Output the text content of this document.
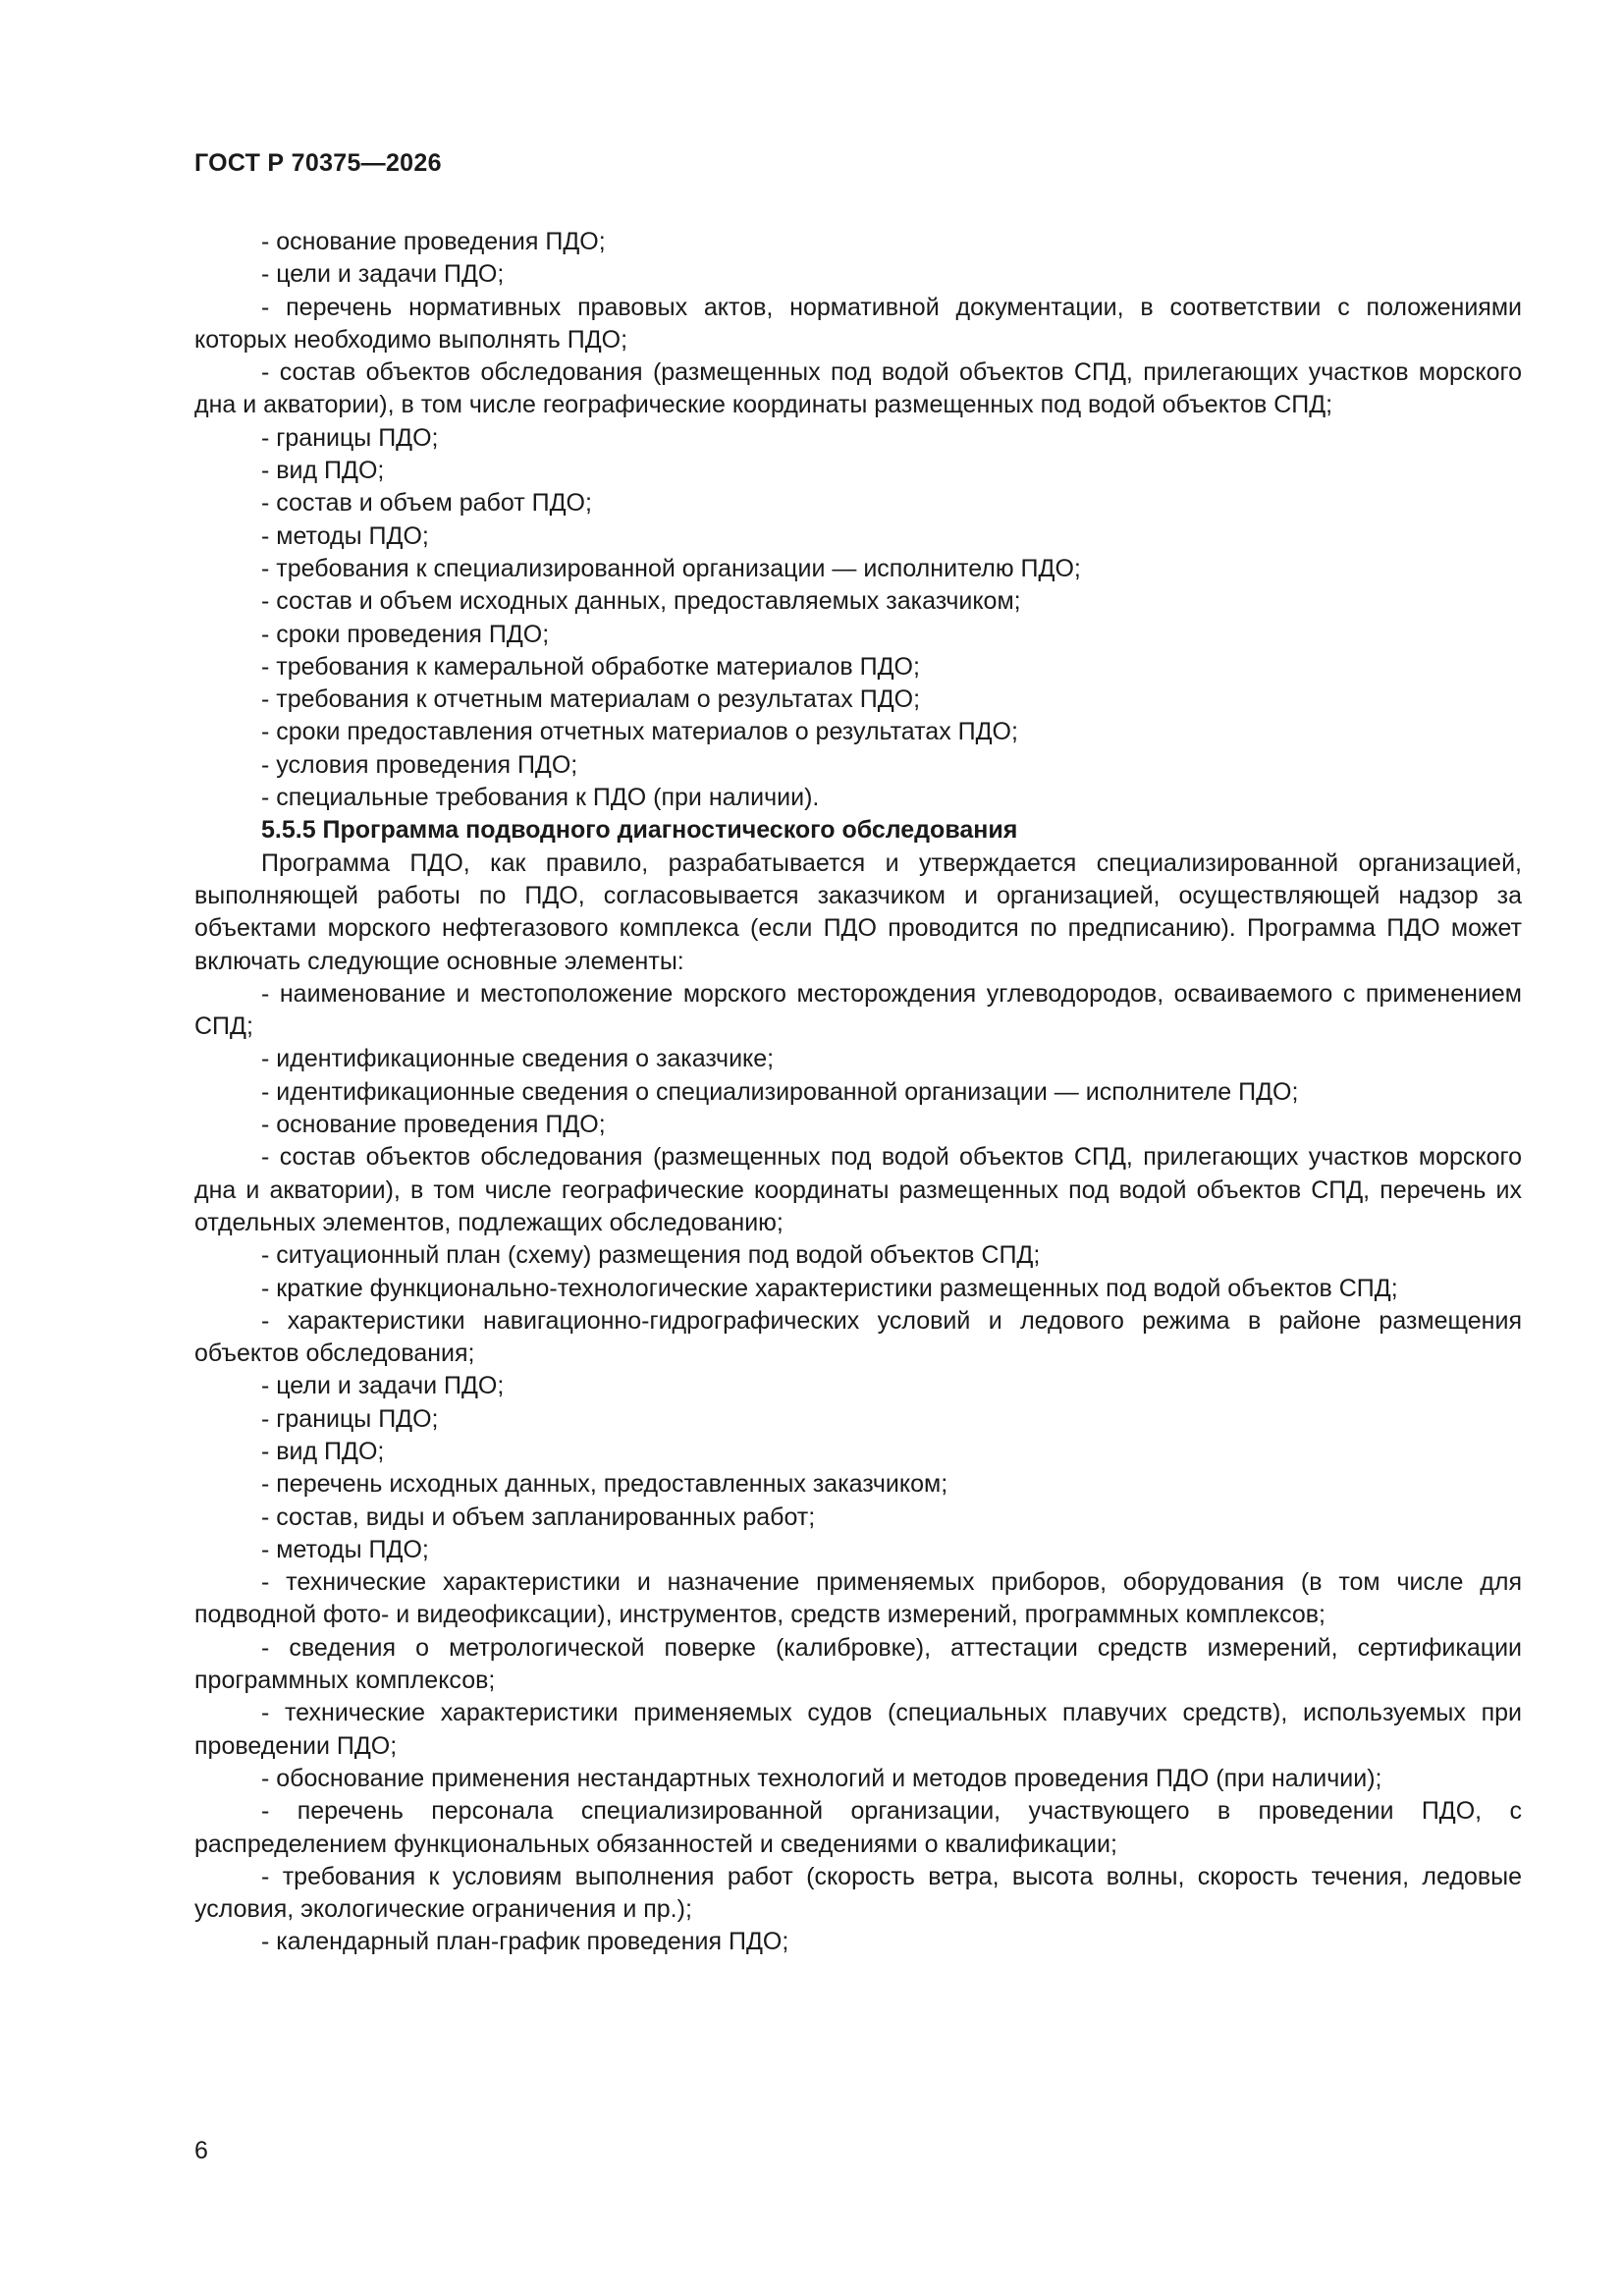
ГОСТ Р 70375—2026

- основание проведения ПДО;

- цели и задачи ПДО;

- перечень нормативных правовых актов, нормативной документации, в соответствии с положениями которых необходимо выполнять ПДО;

- состав объектов обследования (размещенных под водой объектов СПД, прилегающих участков морского дна и акватории), в том числе географические координаты размещенных под водой объектов СПД;

- границы ПДО;

- вид ПДО;

- состав и объем работ ПДО;

- методы ПДО;

- требования к специализированной организации — исполнителю ПДО;

- состав и объем исходных данных, предоставляемых заказчиком;

- сроки проведения ПДО;

- требования к камеральной обработке материалов ПДО;

- требования к отчетным материалам о результатах ПДО;

- сроки предоставления отчетных материалов о результатах ПДО;

- условия проведения ПДО;

- специальные требования к ПДО (при наличии).

5.5.5 Программа подводного диагностического обследования

Программа ПДО, как правило, разрабатывается и утверждается специализированной организацией, выполняющей работы по ПДО, согласовывается заказчиком и организацией, осуществляющей надзор за объектами морского нефтегазового комплекса (если ПДО проводится по предписанию). Программа ПДО может включать следующие основные элементы:

- наименование и местоположение морского месторождения углеводородов, осваиваемого с применением СПД;

- идентификационные сведения о заказчике;

- идентификационные сведения о специализированной организации — исполнителе ПДО;

- основание проведения ПДО;

- состав объектов обследования (размещенных под водой объектов СПД, прилегающих участков морского дна и акватории), в том числе географические координаты размещенных под водой объектов СПД, перечень их отдельных элементов, подлежащих обследованию;

- ситуационный план (схему) размещения под водой объектов СПД;

- краткие функционально-технологические характеристики размещенных под водой объектов СПД;

- характеристики навигационно-гидрографических условий и ледового режима в районе размещения объектов обследования;

- цели и задачи ПДО;

- границы ПДО;

- вид ПДО;

- перечень исходных данных, предоставленных заказчиком;

- состав, виды и объем запланированных работ;

- методы ПДО;

- технические характеристики и назначение применяемых приборов, оборудования (в том числе для подводной фото- и видеофиксации), инструментов, средств измерений, программных комплексов;

- сведения о метрологической поверке (калибровке), аттестации средств измерений, сертификации программных комплексов;

- технические характеристики применяемых судов (специальных плавучих средств), используемых при проведении ПДО;

- обоснование применения нестандартных технологий и методов проведения ПДО (при наличии);

- перечень персонала специализированной организации, участвующего в проведении ПДО, с распределением функциональных обязанностей и сведениями о квалификации;

- требования к условиям выполнения работ (скорость ветра, высота волны, скорость течения, ледовые условия, экологические ограничения и пр.);

- календарный план-график проведения ПДО;

6
